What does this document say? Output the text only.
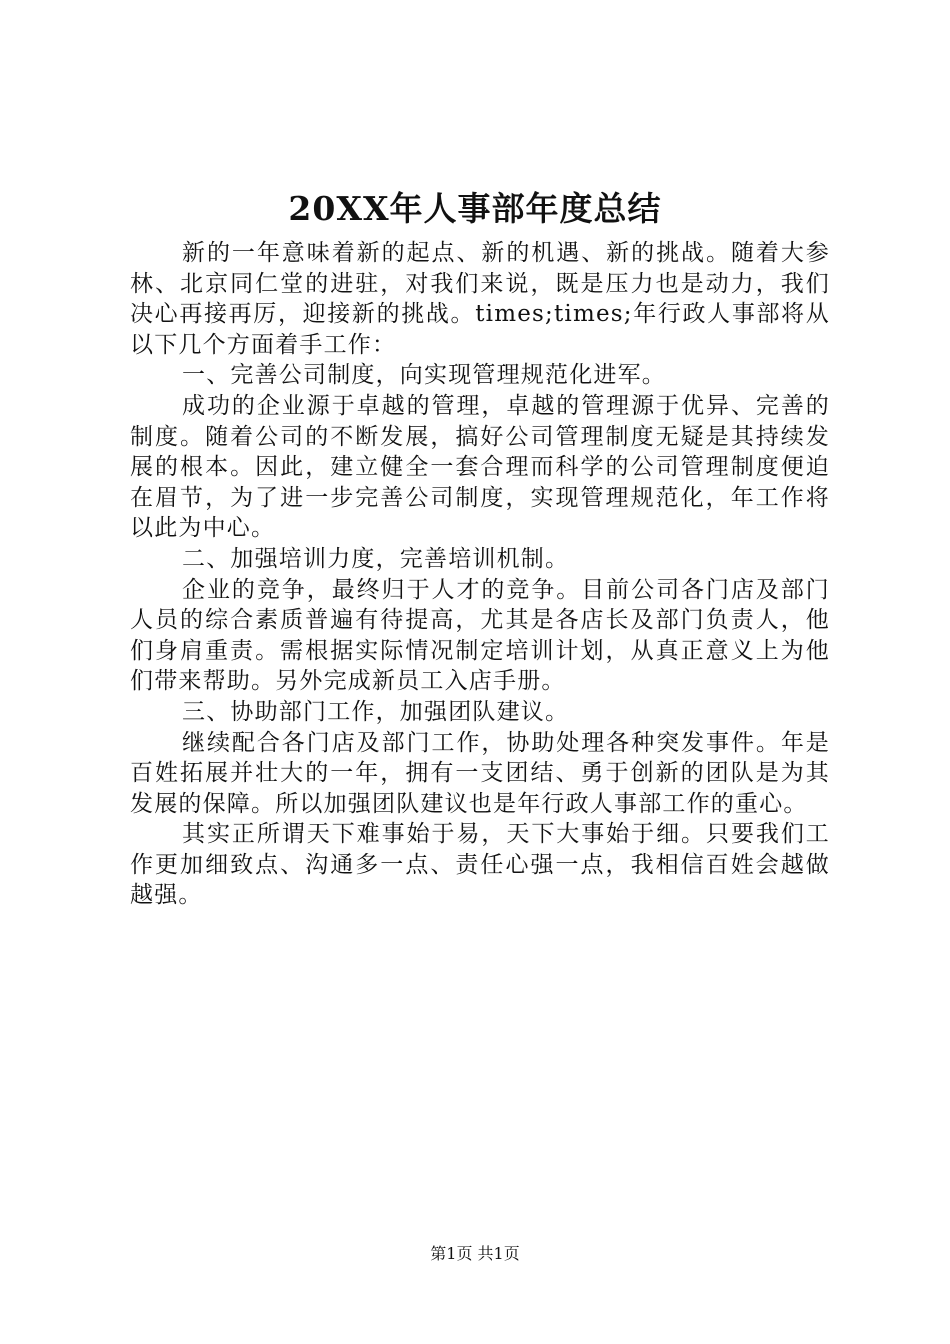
20XX年人事部年度总结

新的一年意味着新的起点、新的机遇、新的挑战。随着大参林、北京同仁堂的进驻，对我们来说，既是压力也是动力，我们决心再接再厉，迎接新的挑战。times;times;年行政人事部将从以下几个方面着手工作：

一、完善公司制度，向实现管理规范化进军。

成功的企业源于卓越的管理，卓越的管理源于优异、完善的制度。随着公司的不断发展，搞好公司管理制度无疑是其持续发展的根本。因此，建立健全一套合理而科学的公司管理制度便迫在眉节，为了进一步完善公司制度，实现管理规范化，年工作将以此为中心。

二、加强培训力度，完善培训机制。

企业的竞争，最终归于人才的竞争。目前公司各门店及部门人员的综合素质普遍有待提高，尤其是各店长及部门负责人，他们身肩重责。需根据实际情况制定培训计划，从真正意义上为他们带来帮助。另外完成新员工入店手册。

三、协助部门工作，加强团队建议。

继续配合各门店及部门工作，协助处理各种突发事件。年是百姓拓展并壮大的一年，拥有一支团结、勇于创新的团队是为其发展的保障。所以加强团队建议也是年行政人事部工作的重心。

其实正所谓天下难事始于易，天下大事始于细。只要我们工作更加细致点、沟通多一点、责任心强一点，我相信百姓会越做越强。

第1页 共1页
